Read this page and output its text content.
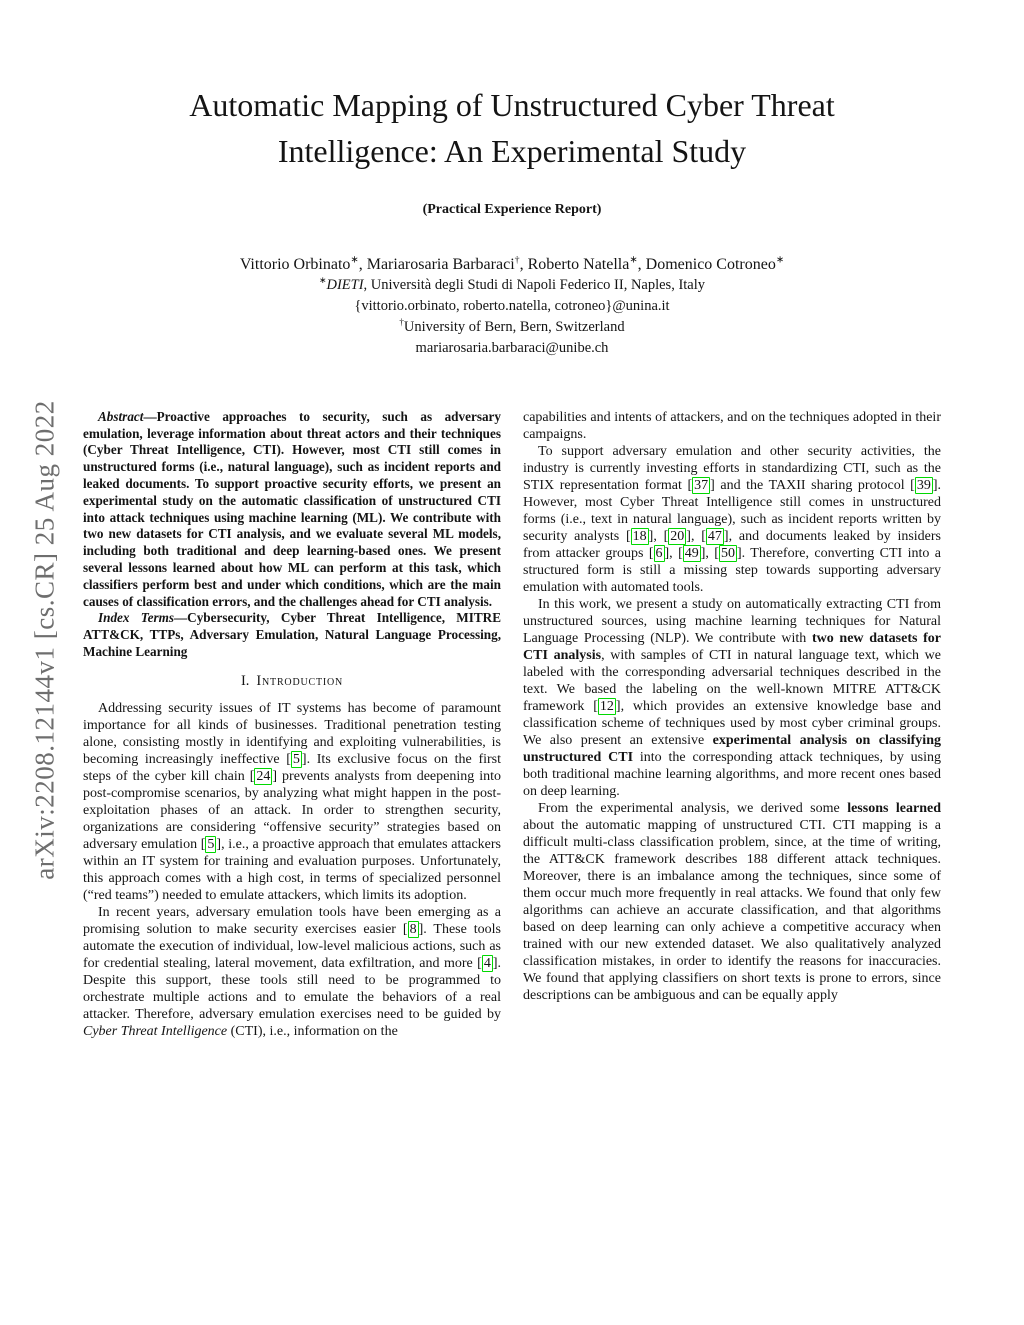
arXiv:2208.12144v1 [cs.CR] 25 Aug 2022
Automatic Mapping of Unstructured Cyber Threat Intelligence: An Experimental Study
(Practical Experience Report)
Vittorio Orbinato∗, Mariarosaria Barbaraci†, Roberto Natella∗, Domenico Cotroneo∗
∗DIETI, Università degli Studi di Napoli Federico II, Naples, Italy
{vittorio.orbinato, roberto.natella, cotroneo}@unina.it
†University of Bern, Bern, Switzerland
mariarosaria.barbaraci@unibe.ch

Abstract—Proactive approaches to security, such as adversary emulation, leverage information about threat actors and their techniques (Cyber Threat Intelligence, CTI). However, most CTI still comes in unstructured forms (i.e., natural language), such as incident reports and leaked documents. To support proactive security efforts, we present an experimental study on the automatic classification of unstructured CTI into attack techniques using machine learning (ML). We contribute with two new datasets for CTI analysis, and we evaluate several ML models, including both traditional and deep learning-based ones. We present several lessons learned about how ML can perform at this task, which classifiers perform best and under which conditions, which are the main causes of classification errors, and the challenges ahead for CTI analysis.

Index Terms—Cybersecurity, Cyber Threat Intelligence, MITRE ATT&CK, TTPs, Adversary Emulation, Natural Language Processing, Machine Learning

I. Introduction

Addressing security issues of IT systems has become of paramount importance for all kinds of businesses. Traditional penetration testing alone, consisting mostly in identifying and exploiting vulnerabilities, is becoming increasingly ineffective [ 5 ]. Its exclusive focus on the first steps of the cyber kill chain [ 24 ] prevents analysts from deepening into post-compromise scenarios, by analyzing what might happen in the post-exploitation phases of an attack. In order to strengthen security, organizations are considering “offensive security” strategies based on adversary emulation [ 5 ], i.e., a proactive approach that emulates attackers within an IT system for training and evaluation purposes. Unfortunately, this approach comes with a high cost, in terms of specialized personnel (“red teams”) needed to emulate attackers, which limits its adoption.

In recent years, adversary emulation tools have been emerging as a promising solution to make security exercises easier [ 8 ]. These tools automate the execution of individual, low-level malicious actions, such as for credential stealing, lateral movement, data exfiltration, and more [ 4 ]. Despite this support, these tools still need to be programmed to orchestrate multiple actions and to emulate the behaviors of a real attacker. Therefore, adversary emulation exercises need to be guided by Cyber Threat Intelligence (CTI), i.e., information on the

capabilities and intents of attackers, and on the techniques adopted in their campaigns.

To support adversary emulation and other security activities, the industry is currently investing efforts in standardizing CTI, such as the STIX representation format [ 37 ] and the TAXII sharing protocol [ 39 ]. However, most Cyber Threat Intelligence still comes in unstructured forms (i.e., text in natural language), such as incident reports written by security analysts [ 18 ], [ 20 ], [ 47 ], and documents leaked by insiders from attacker groups [ 6 ], [ 49 ], [ 50 ]. Therefore, converting CTI into a structured form is still a missing step towards supporting adversary emulation with automated tools.

In this work, we present a study on automatically extracting CTI from unstructured sources, using machine learning techniques for Natural Language Processing (NLP). We contribute with two new datasets for CTI analysis, with samples of CTI in natural language text, which we labeled with the corresponding adversarial techniques described in the text. We based the labeling on the well-known MITRE ATT&CK framework [ 12 ], which provides an extensive knowledge base and classification scheme of techniques used by most cyber criminal groups. We also present an extensive experimental analysis on classifying unstructured CTI into the corresponding attack techniques, by using both traditional machine learning algorithms, and more recent ones based on deep learning.

From the experimental analysis, we derived some lessons learned about the automatic mapping of unstructured CTI. CTI mapping is a difficult multi-class classification problem, since, at the time of writing, the ATT&CK framework describes 188 different attack techniques. Moreover, there is an imbalance among the techniques, since some of them occur much more frequently in real attacks. We found that only few algorithms can achieve an accurate classification, and that algorithms based on deep learning can only achieve a competitive accuracy when trained with our new extended dataset. We also qualitatively analyzed classification mistakes, in order to identify the reasons for inaccuracies. We found that applying classifiers on short texts is prone to errors, since descriptions can be ambiguous and can be equally apply
